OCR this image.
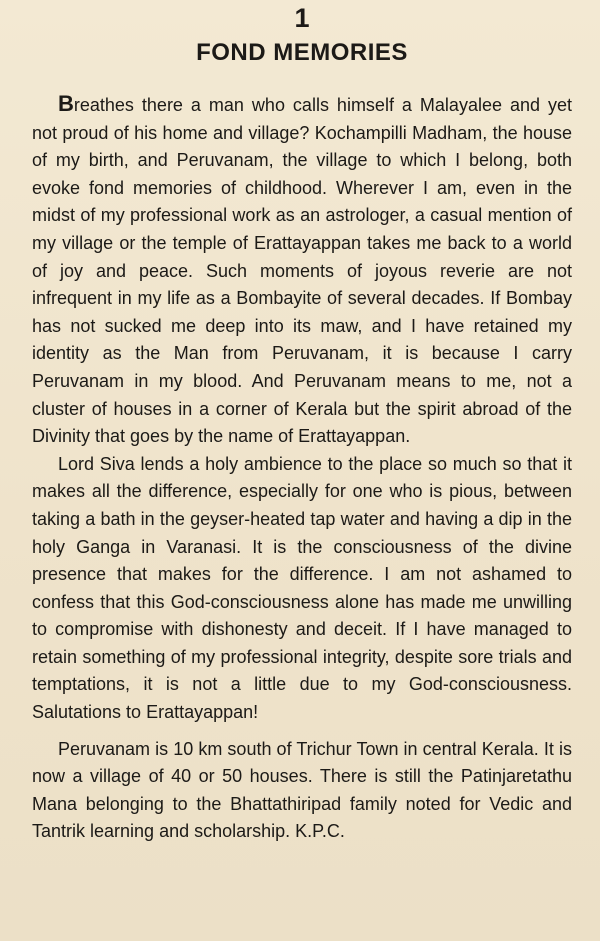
1
FOND MEMORIES

Breathes there a man who calls himself a Malayalee and yet not proud of his home and village? Kochampilli Madham, the house of my birth, and Peruvanam, the village to which I belong, both evoke fond memories of childhood. Wherever I am, even in the midst of my professional work as an astrologer, a casual mention of my village or the temple of Erattayappan takes me back to a world of joy and peace. Such moments of joyous reverie are not infrequent in my life as a Bombayite of several decades. If Bombay has not sucked me deep into its maw, and I have retained my identity as the Man from Peruvanam, it is because I carry Peruvanam in my blood. And Peruvanam means to me, not a cluster of houses in a corner of Kerala but the spirit abroad of the Divinity that goes by the name of Erattayappan.

Lord Siva lends a holy ambience to the place so much so that it makes all the difference, especially for one who is pious, between taking a bath in the geyser-heated tap water and having a dip in the holy Ganga in Varanasi. It is the consciousness of the divine presence that makes for the difference. I am not ashamed to confess that this God-consciousness alone has made me unwilling to compromise with dishonesty and deceit. If I have managed to retain something of my professional integrity, despite sore trials and temptations, it is not a little due to my God-consciousness. Salutations to Erattayappan!

Peruvanam is 10 km south of Trichur Town in central Kerala. It is now a village of 40 or 50 houses. There is still the Patinjaretathu Mana belonging to the Bhattathiripad family noted for Vedic and Tantrik learning and scholarship. K.P.C.
